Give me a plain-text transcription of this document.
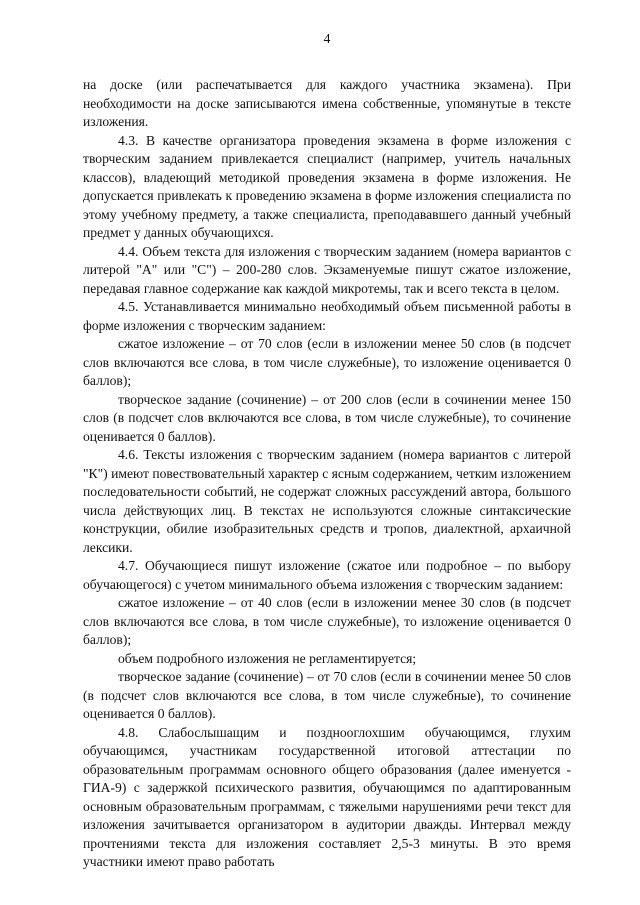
4

на доске (или распечатывается для каждого участника экзамена). При необходимости на доске записываются имена собственные, упомянутые в тексте изложения.

4.3. В качестве организатора проведения экзамена в форме изложения с творческим заданием привлекается специалист (например, учитель начальных классов), владеющий методикой проведения экзамена в форме изложения. Не допускается привлекать к проведению экзамена в форме изложения специалиста по этому учебному предмету, а также специалиста, преподававшего данный учебный предмет у данных обучающихся.

4.4. Объем текста для изложения с творческим заданием (номера вариантов с литерой "А" или "С") – 200-280 слов. Экзаменуемые пишут сжатое изложение, передавая главное содержание как каждой микротемы, так и всего текста в целом.

4.5. Устанавливается минимально необходимый объем письменной работы в форме изложения с творческим заданием:

сжатое изложение – от 70 слов (если в изложении менее 50 слов (в подсчет слов включаются все слова, в том числе служебные), то изложение оценивается 0 баллов);

творческое задание (сочинение) – от 200 слов (если в сочинении менее 150 слов (в подсчет слов включаются все слова, в том числе служебные), то сочинение оценивается 0 баллов).

4.6. Тексты изложения с творческим заданием (номера вариантов с литерой "К") имеют повествовательный характер с ясным содержанием, четким изложением последовательности событий, не содержат сложных рассуждений автора, большого числа действующих лиц. В текстах не используются сложные синтаксические конструкции, обилие изобразительных средств и тропов, диалектной, архаичной лексики.

4.7. Обучающиеся пишут изложение (сжатое или подробное – по выбору обучающегося) с учетом минимального объема изложения с творческим заданием:

сжатое изложение – от 40 слов (если в изложении менее 30 слов (в подсчет слов включаются все слова, в том числе служебные), то изложение оценивается 0 баллов);

объем подробного изложения не регламентируется;

творческое задание (сочинение) – от 70 слов (если в сочинении менее 50 слов (в подсчет слов включаются все слова, в том числе служебные), то сочинение оценивается 0 баллов).

4.8. Слабослышащим и позднооглохшим обучающимся, глухим обучающимся, участникам государственной итоговой аттестации по образовательным программам основного общего образования (далее именуется - ГИА-9) с задержкой психического развития, обучающимся по адаптированным основным образовательным программам, с тяжелыми нарушениями речи текст для изложения зачитывается организатором в аудитории дважды. Интервал между прочтениями текста для изложения составляет 2,5-3 минуты. В это время участники имеют право работать
